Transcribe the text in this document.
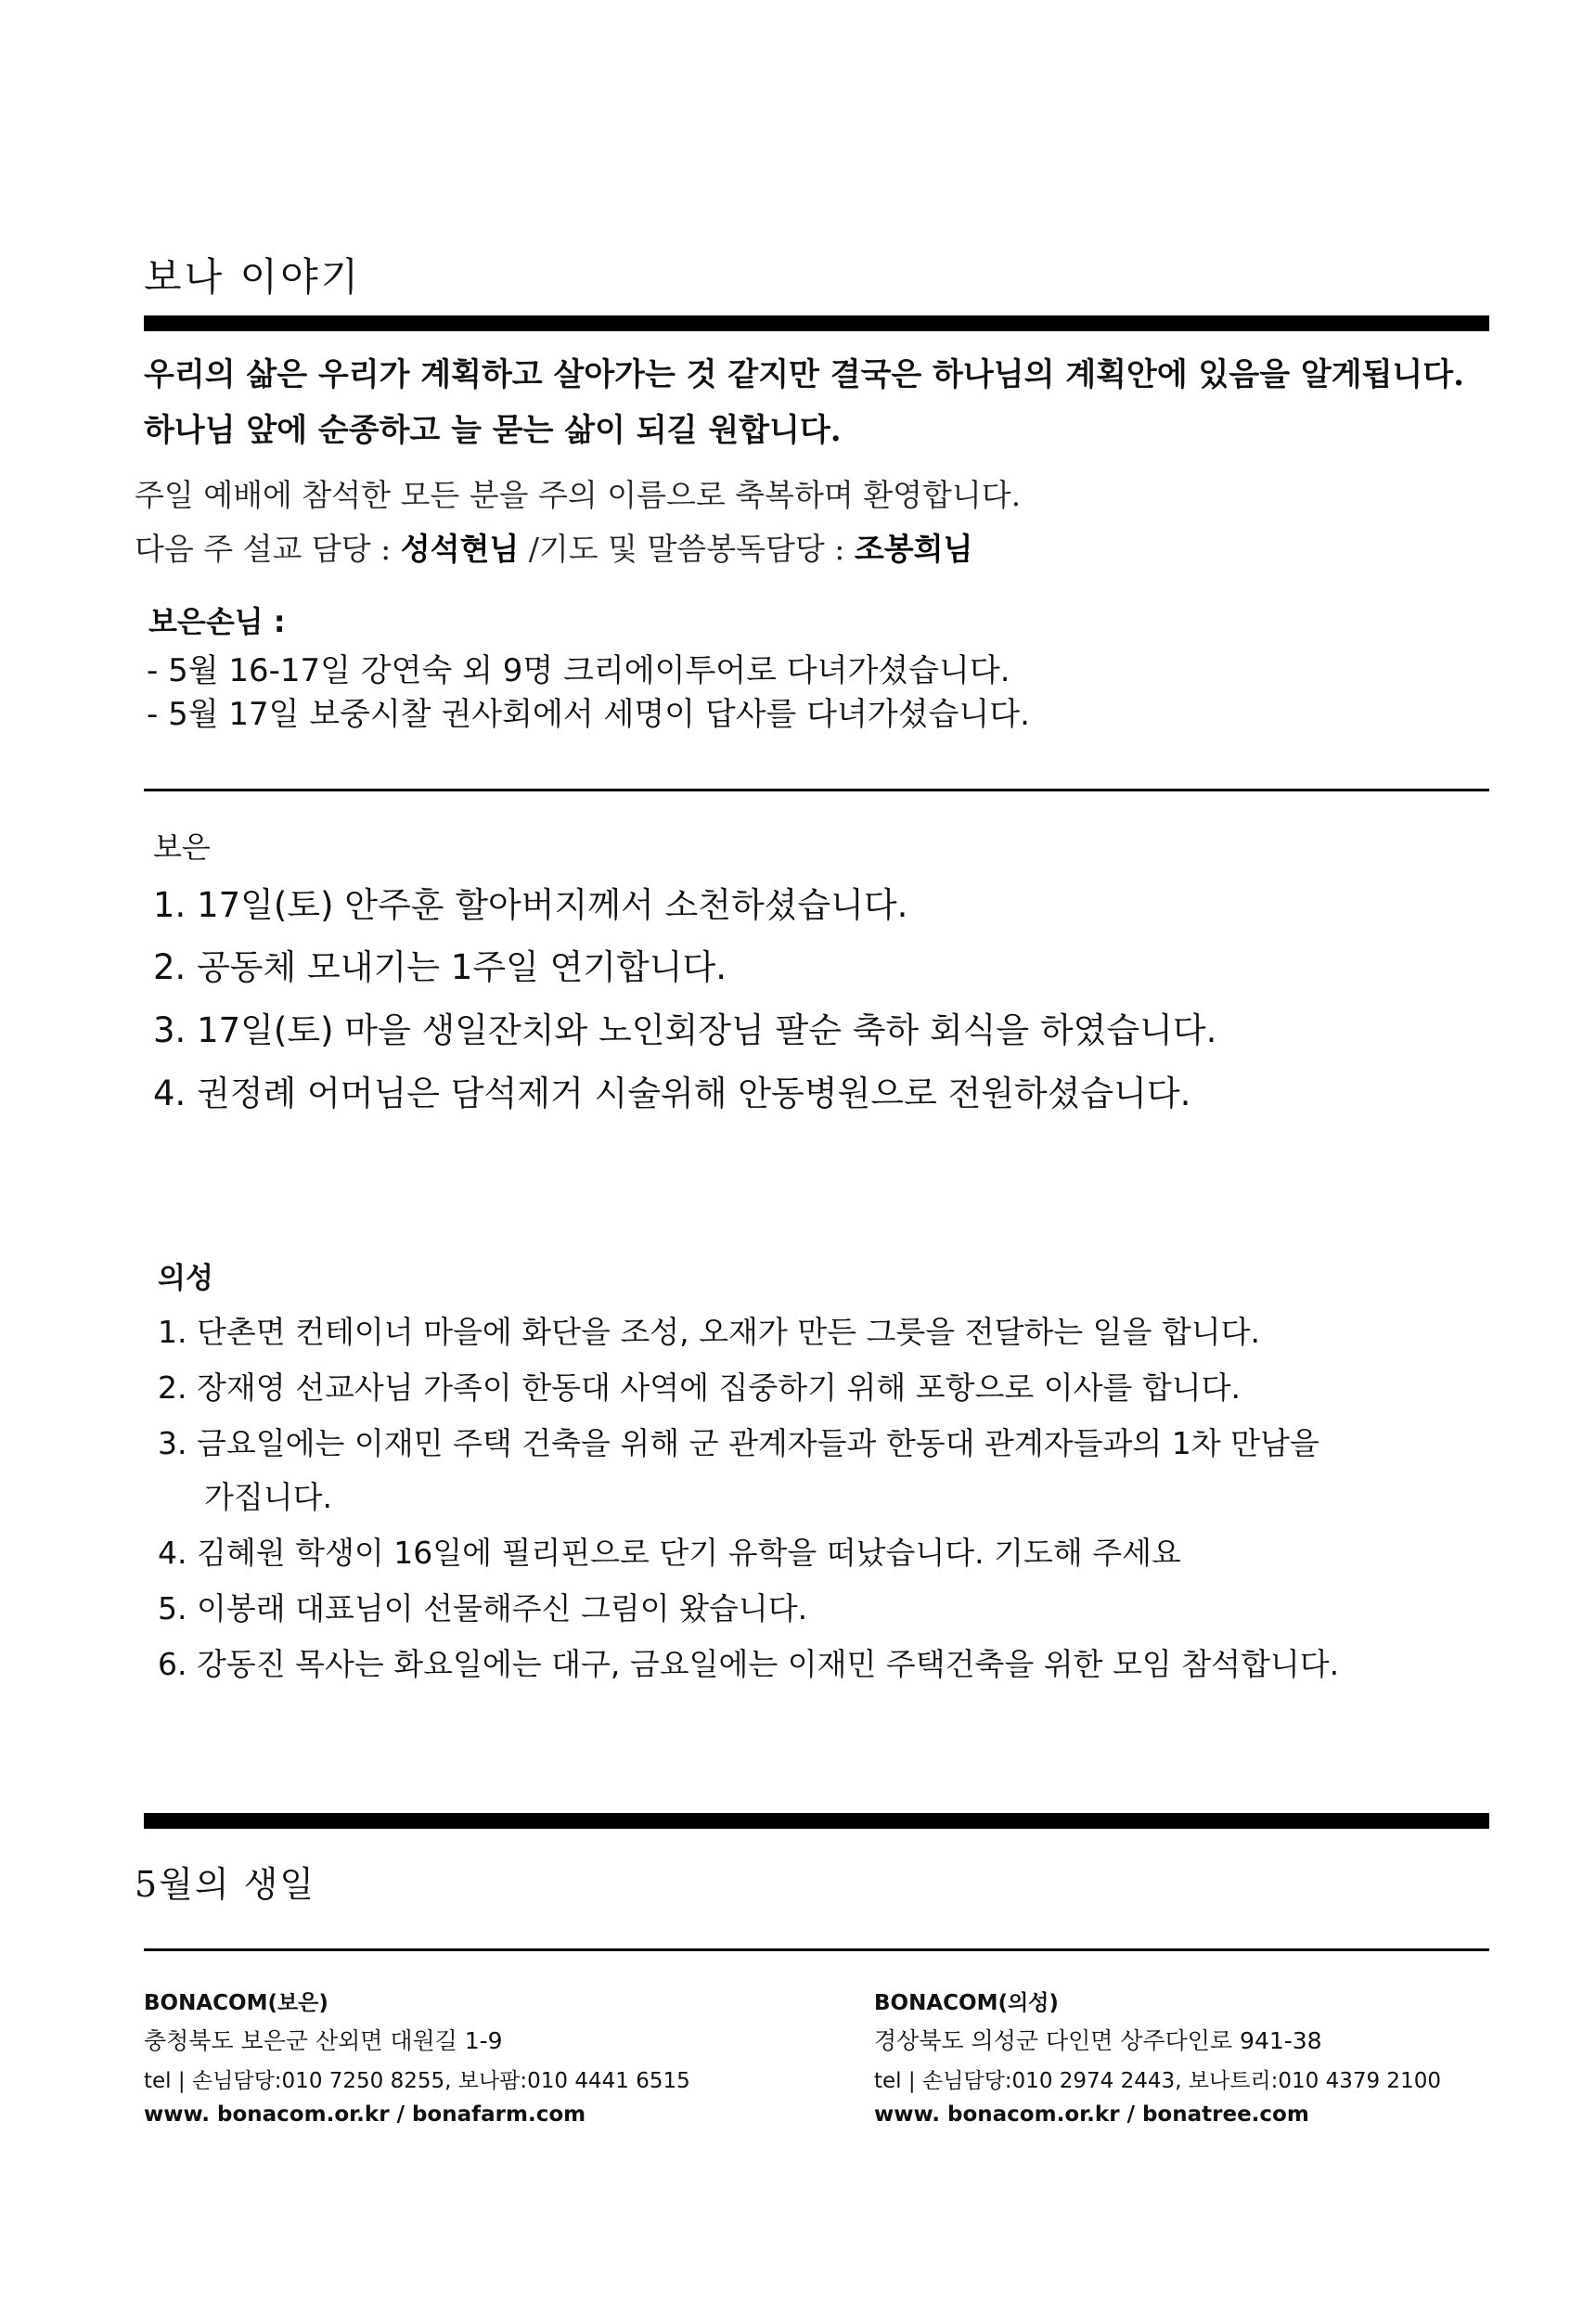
보나 이야기
우리의 삶은 우리가 계획하고 살아가는 것 같지만 결국은 하나님의 계획안에 있음을 알게됩니다.
하나님 앞에 순종하고 늘 묻는 삶이 되길 원합니다.
주일 예배에 참석한 모든 분을 주의 이름으로 축복하며 환영합니다.
다음 주 설교 담당 : 성석현님 /기도 및 말씀봉독담당 : 조봉희님
보은손님 :
- 5월 16-17일 강연숙 외 9명 크리에이투어로 다녀가셨습니다.
- 5월 17일 보중시찰 권사회에서 세명이 답사를 다녀가셨습니다.
보은
1. 17일(토) 안주훈 할아버지께서 소천하셨습니다.
2. 공동체 모내기는 1주일 연기합니다.
3. 17일(토) 마을 생일잔치와 노인회장님 팔순 축하 회식을 하였습니다.
4. 권정례 어머님은 담석제거 시술위해 안동병원으로 전원하셨습니다.
의성
1. 단촌면 컨테이너 마을에 화단을 조성, 오재가 만든 그릇을 전달하는 일을 합니다.
2. 장재영 선교사님 가족이 한동대 사역에 집중하기 위해 포항으로 이사를 합니다.
3. 금요일에는 이재민 주택 건축을 위해 군 관계자들과 한동대 관계자들과의 1차 만남을
가집니다.
4. 김혜원 학생이 16일에 필리핀으로 단기 유학을 떠났습니다. 기도해 주세요
5. 이봉래 대표님이 선물해주신 그림이 왔습니다.
6. 강동진 목사는 화요일에는 대구, 금요일에는 이재민 주택건축을 위한 모임 참석합니다.
5월의 생일
BONACOM(보은)
충청북도 보은군 산외면 대원길 1-9
tel | 손님담당:010 7250 8255, 보나팜:010 4441 6515
www. bonacom.or.kr / bonafarm.com
BONACOM(의성)
경상북도 의성군 다인면 상주다인로 941-38
tel | 손님담당:010 2974 2443, 보나트리:010 4379 2100
www. bonacom.or.kr / bonatree.com
